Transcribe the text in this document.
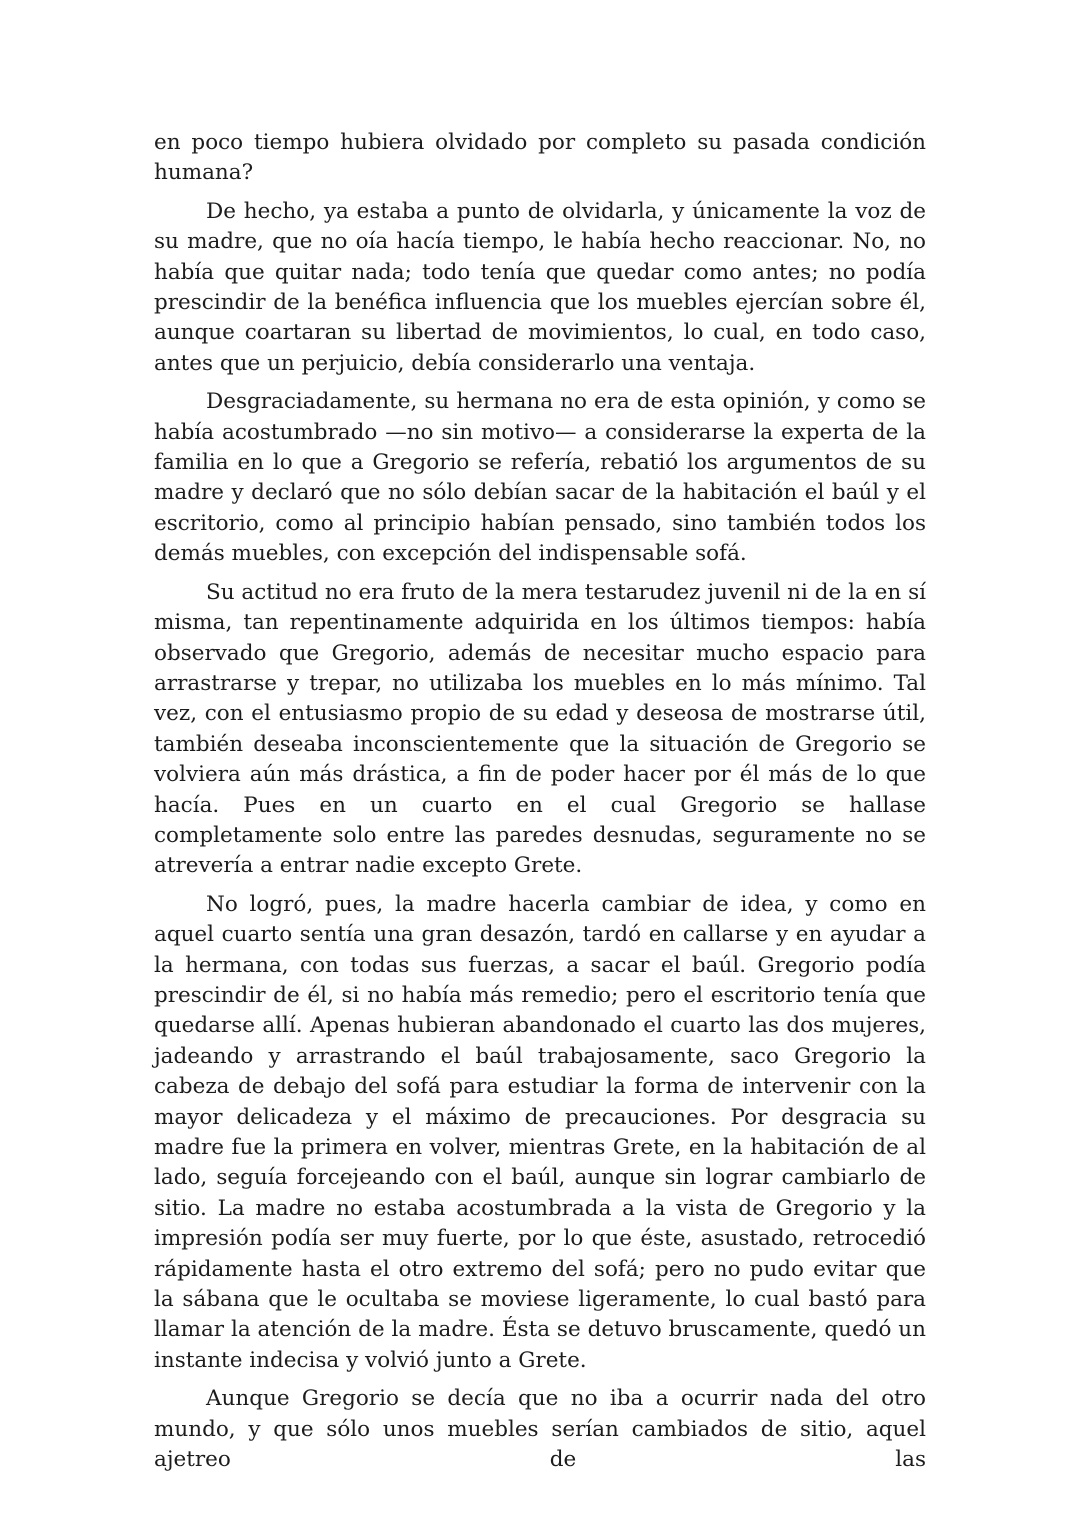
en poco tiempo hubiera olvidado por completo su pasada condición humana?

De hecho, ya estaba a punto de olvidarla, y únicamente la voz de su madre, que no oía hacía tiempo, le había hecho reaccionar. No, no había que quitar nada; todo tenía que quedar como antes; no podía prescindir de la benéfica influencia que los muebles ejercían sobre él, aunque coartaran su libertad de movimientos, lo cual, en todo caso, antes que un perjuicio, debía considerarlo una ventaja.

Desgraciadamente, su hermana no era de esta opinión, y como se había acostumbrado —no sin motivo— a considerarse la experta de la familia en lo que a Gregorio se refería, rebatió los argumentos de su madre y declaró que no sólo debían sacar de la habitación el baúl y el escritorio, como al principio habían pensado, sino también todos los demás muebles, con excepción del indispensable sofá.

Su actitud no era fruto de la mera testarudez juvenil ni de la en sí misma, tan repentinamente adquirida en los últimos tiempos: había observado que Gregorio, además de necesitar mucho espacio para arrastrarse y trepar, no utilizaba los muebles en lo más mínimo. Tal vez, con el entusiasmo propio de su edad y deseosa de mostrarse útil, también deseaba inconscientemente que la situación de Gregorio se volviera aún más drástica, a fin de poder hacer por él más de lo que hacía. Pues en un cuarto en el cual Gregorio se hallase completamente solo entre las paredes desnudas, seguramente no se atrevería a entrar nadie excepto Grete.

No logró, pues, la madre hacerla cambiar de idea, y como en aquel cuarto sentía una gran desazón, tardó en callarse y en ayudar a la hermana, con todas sus fuerzas, a sacar el baúl. Gregorio podía prescindir de él, si no había más remedio; pero el escritorio tenía que quedarse allí. Apenas hubieran abandonado el cuarto las dos mujeres, jadeando y arrastrando el baúl trabajosamente, saco Gregorio la cabeza de debajo del sofá para estudiar la forma de intervenir con la mayor delicadeza y el máximo de precauciones. Por desgracia su madre fue la primera en volver, mientras Grete, en la habitación de al lado, seguía forcejeando con el baúl, aunque sin lograr cambiarlo de sitio. La madre no estaba acostumbrada a la vista de Gregorio y la impresión podía ser muy fuerte, por lo que éste, asustado, retrocedió rápidamente hasta el otro extremo del sofá; pero no pudo evitar que la sábana que le ocultaba se moviese ligeramente, lo cual bastó para llamar la atención de la madre. Ésta se detuvo bruscamente, quedó un instante indecisa y volvió junto a Grete.

Aunque Gregorio se decía que no iba a ocurrir nada del otro mundo, y que sólo unos muebles serían cambiados de sitio, aquel ajetreo de las
